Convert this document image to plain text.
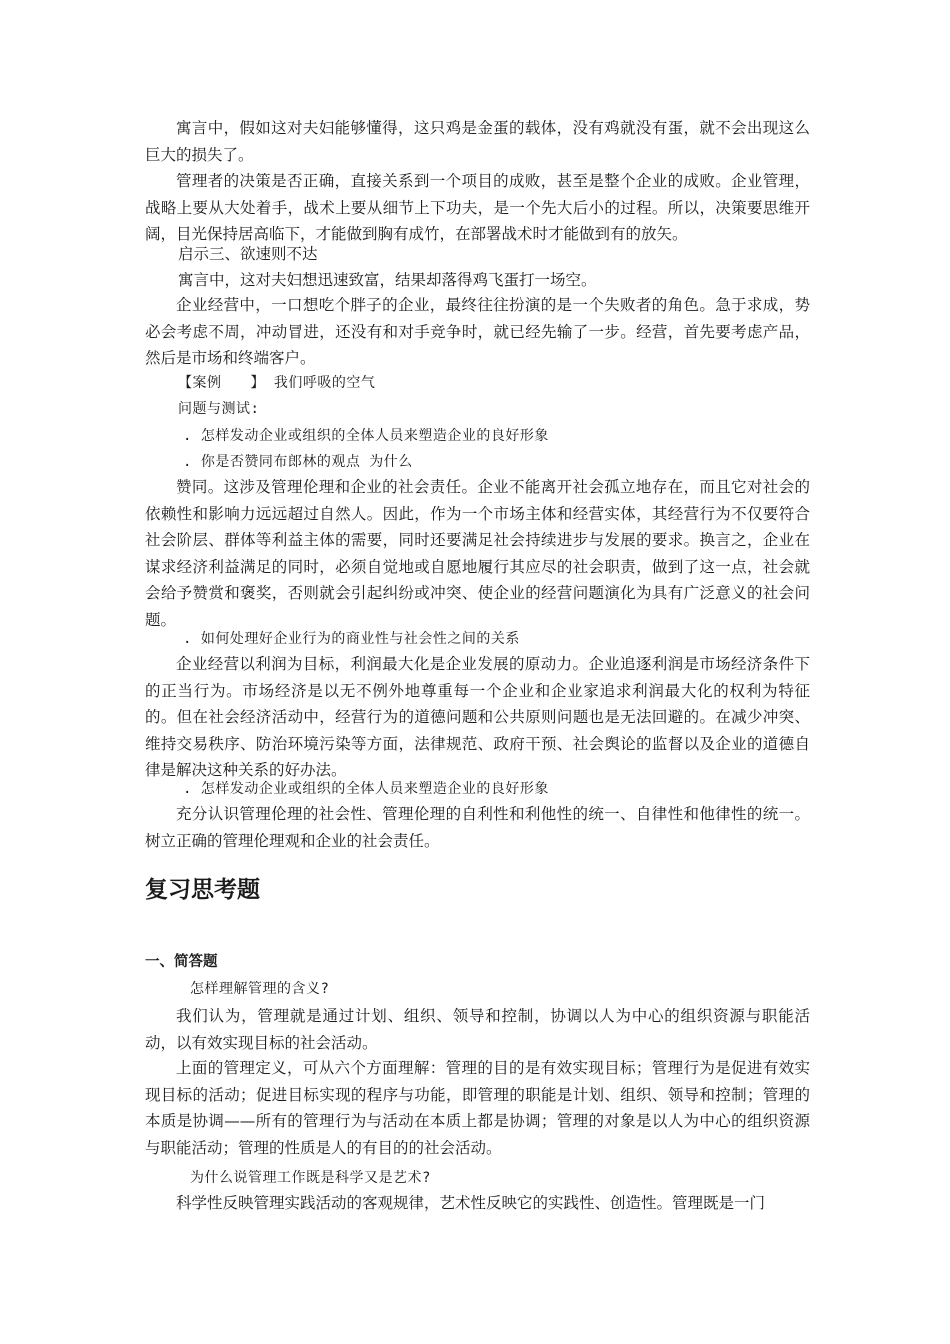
寓言中，假如这对夫妇能够懂得，这只鸡是金蛋的载体，没有鸡就没有蛋，就不会出现这么巨大的损失了。

管理者的决策是否正确，直接关系到一个项目的成败，甚至是整个企业的成败。企业管理，战略上要从大处着手，战术上要从细节上下功夫，是一个先大后小的过程。所以，决策要思维开阔，目光保持居高临下，才能做到胸有成竹，在部署战术时才能做到有的放矢。

启示三、欲速则不达

寓言中，这对夫妇想迅速致富，结果却落得鸡飞蛋打一场空。

企业经营中，一口想吃个胖子的企业，最终往往扮演的是一个失败者的角色。急于求成，势必会考虑不周，冲动冒进，还没有和对手竞争时，就已经先输了一步。经营，首先要考虑产品，然后是市场和终端客户。

【案例　　】 我们呼吸的空气

问题与测试:

. 怎样发动企业或组织的全体人员来塑造企业的良好形象

. 你是否赞同布郎林的观点 为什么

赞同。这涉及管理伦理和企业的社会责任。企业不能离开社会孤立地存在，而且它对社会的依赖性和影响力远远超过自然人。因此，作为一个市场主体和经营实体，其经营行为不仅要符合社会阶层、群体等利益主体的需要，同时还要满足社会持续进步与发展的要求。换言之，企业在谋求经济利益满足的同时，必须自觉地或自愿地履行其应尽的社会职责，做到了这一点，社会就会给予赞赏和褒奖，否则就会引起纠纷或冲突、使企业的经营问题演化为具有广泛意义的社会问题。

. 如何处理好企业行为的商业性与社会性之间的关系

企业经营以利润为目标，利润最大化是企业发展的原动力。企业追逐利润是市场经济条件下的正当行为。市场经济是以无不例外地尊重每一个企业和企业家追求利润最大化的权利为特征的。但在社会经济活动中，经营行为的道德问题和公共原则问题也是无法回避的。在减少冲突、维持交易秩序、防治环境污染等方面，法律规范、政府干预、社会舆论的监督以及企业的道德自律是解决这种关系的好办法。

. 怎样发动企业或组织的全体人员来塑造企业的良好形象

充分认识管理伦理的社会性、管理伦理的自利性和利他性的统一、自律性和他律性的统一。树立正确的管理伦理观和企业的社会责任。

复习思考题
一、简答题

怎样理解管理的含义?

我们认为，管理就是通过计划、组织、领导和控制，协调以人为中心的组织资源与职能活动，以有效实现目标的社会活动。

上面的管理定义，可从六个方面理解：管理的目的是有效实现目标；管理行为是促进有效实现目标的活动；促进目标实现的程序与功能，即管理的职能是计划、组织、领导和控制；管理的本质是协调——所有的管理行为与活动在本质上都是协调；管理的对象是以人为中心的组织资源与职能活动；管理的性质是人的有目的的社会活动。

为什么说管理工作既是科学又是艺术?

科学性反映管理实践活动的客观规律，艺术性反映它的实践性、创造性。管理既是一门
